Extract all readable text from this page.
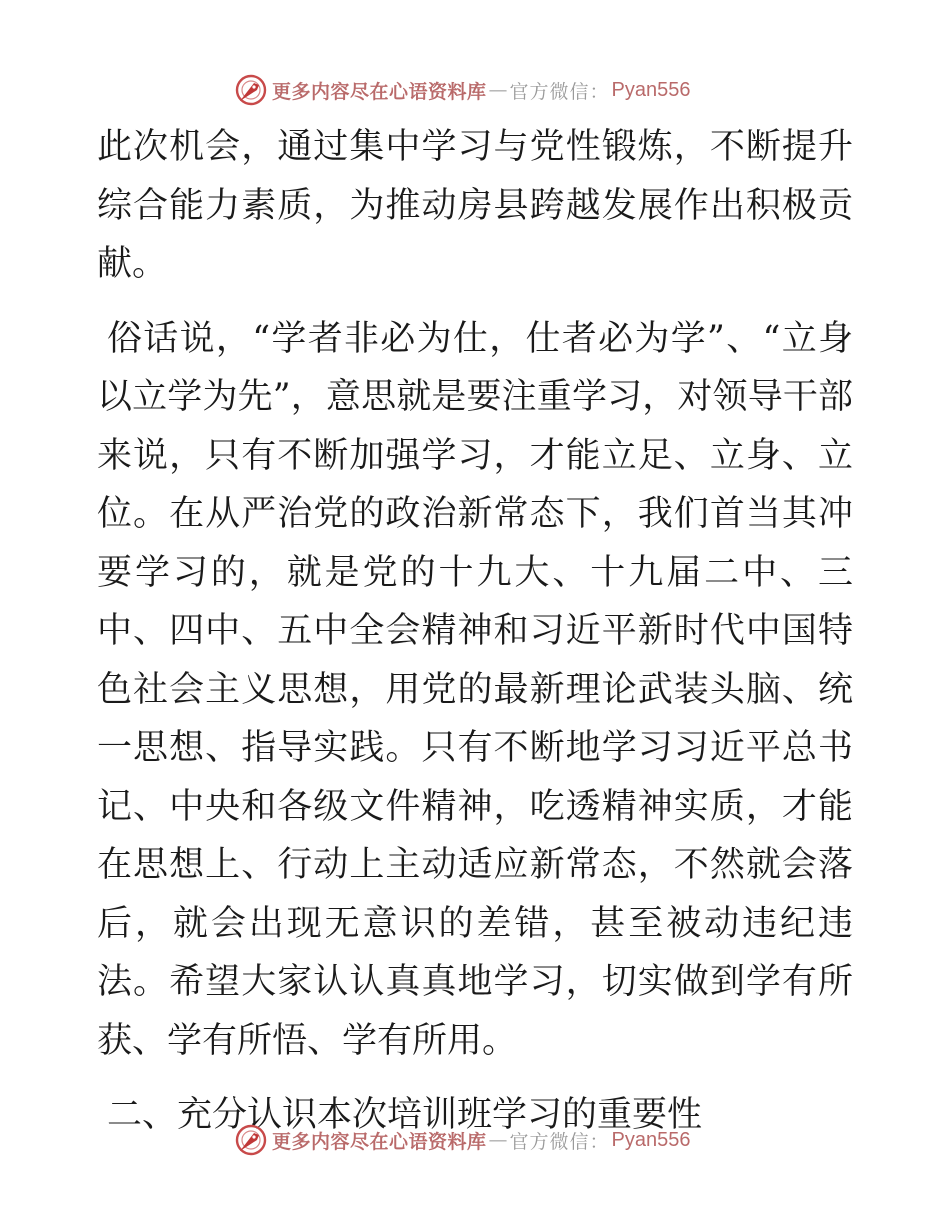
更多内容尽在心语资料库 — 官方微信： Pyan556

此次机会，通过集中学习与党性锻炼，不断提升综合能力素质，为推动房县跨越发展作出积极贡献。

俗话说，“学者非必为仕，仕者必为学”、“立身以立学为先”，意思就是要注重学习，对领导干部来说，只有不断加强学习，才能立足、立身、立位。在从严治党的政治新常态下，我们首当其冲要学习的，就是党的十九大、十九届二中、三中、四中、五中全会精神和习近平新时代中国特色社会主义思想，用党的最新理论武装头脑、统一思想、指导实践。只有不断地学习习近平总书记、中央和各级文件精神，吃透精神实质，才能在思想上、行动上主动适应新常态，不然就会落后，就会出现无意识的差错，甚至被动违纪违法。希望大家认认真真地学习，切实做到学有所获、学有所悟、学有所用。

二、充分认识本次培训班学习的重要性

更多内容尽在心语资料库 — 官方微信： Pyan556
